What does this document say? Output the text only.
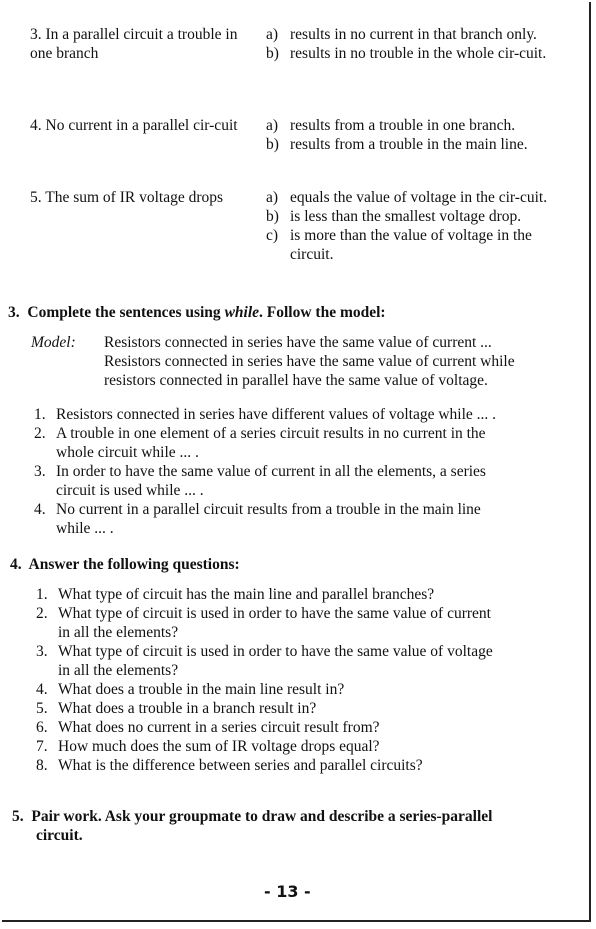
3. In a parallel circuit a trouble in one branch
a) results in no current in that branch only.
b) results in no trouble in the whole cir-cuit.
4. No current in a parallel cir-cuit a) results from a trouble in one branch.
b) results from a trouble in the main line.
5. The sum of IR voltage drops	a) equals the value of voltage in the cir-cuit.
b) is less than the smallest voltage drop.
c) is more than the value of voltage in the circuit.
3. Complete the sentences using while. Follow the model:
Model: Resistors connected in series have the same value of current ...
Resistors connected in series have the same value of current while
resistors connected in parallel have the same value of voltage.
1. Resistors connected in series have different values of voltage while ... .
2. A trouble in one element of a series circuit results in no current in the
whole circuit while ... .
3. In order to have the same value of current in all the elements, a series
circuit is used while ... .
4. No current in a parallel circuit results from a trouble in the main line
while ... .
4. Answer the following questions:
1. What type of circuit has the main line and parallel branches?
2. What type of circuit is used in order to have the same value of current
in all the elements?
3. What type of circuit is used in order to have the same value of voltage
in all the elements?
4. What does a trouble in the main line result in?
5. What does a trouble in a branch result in?
6. What does no current in a series circuit result from?
7. How much does the sum of IR voltage drops equal?
8. What is the difference between series and parallel circuits?
5. Pair work. Ask your groupmate to draw and describe a series-parallel
circuit.
- 13 -
